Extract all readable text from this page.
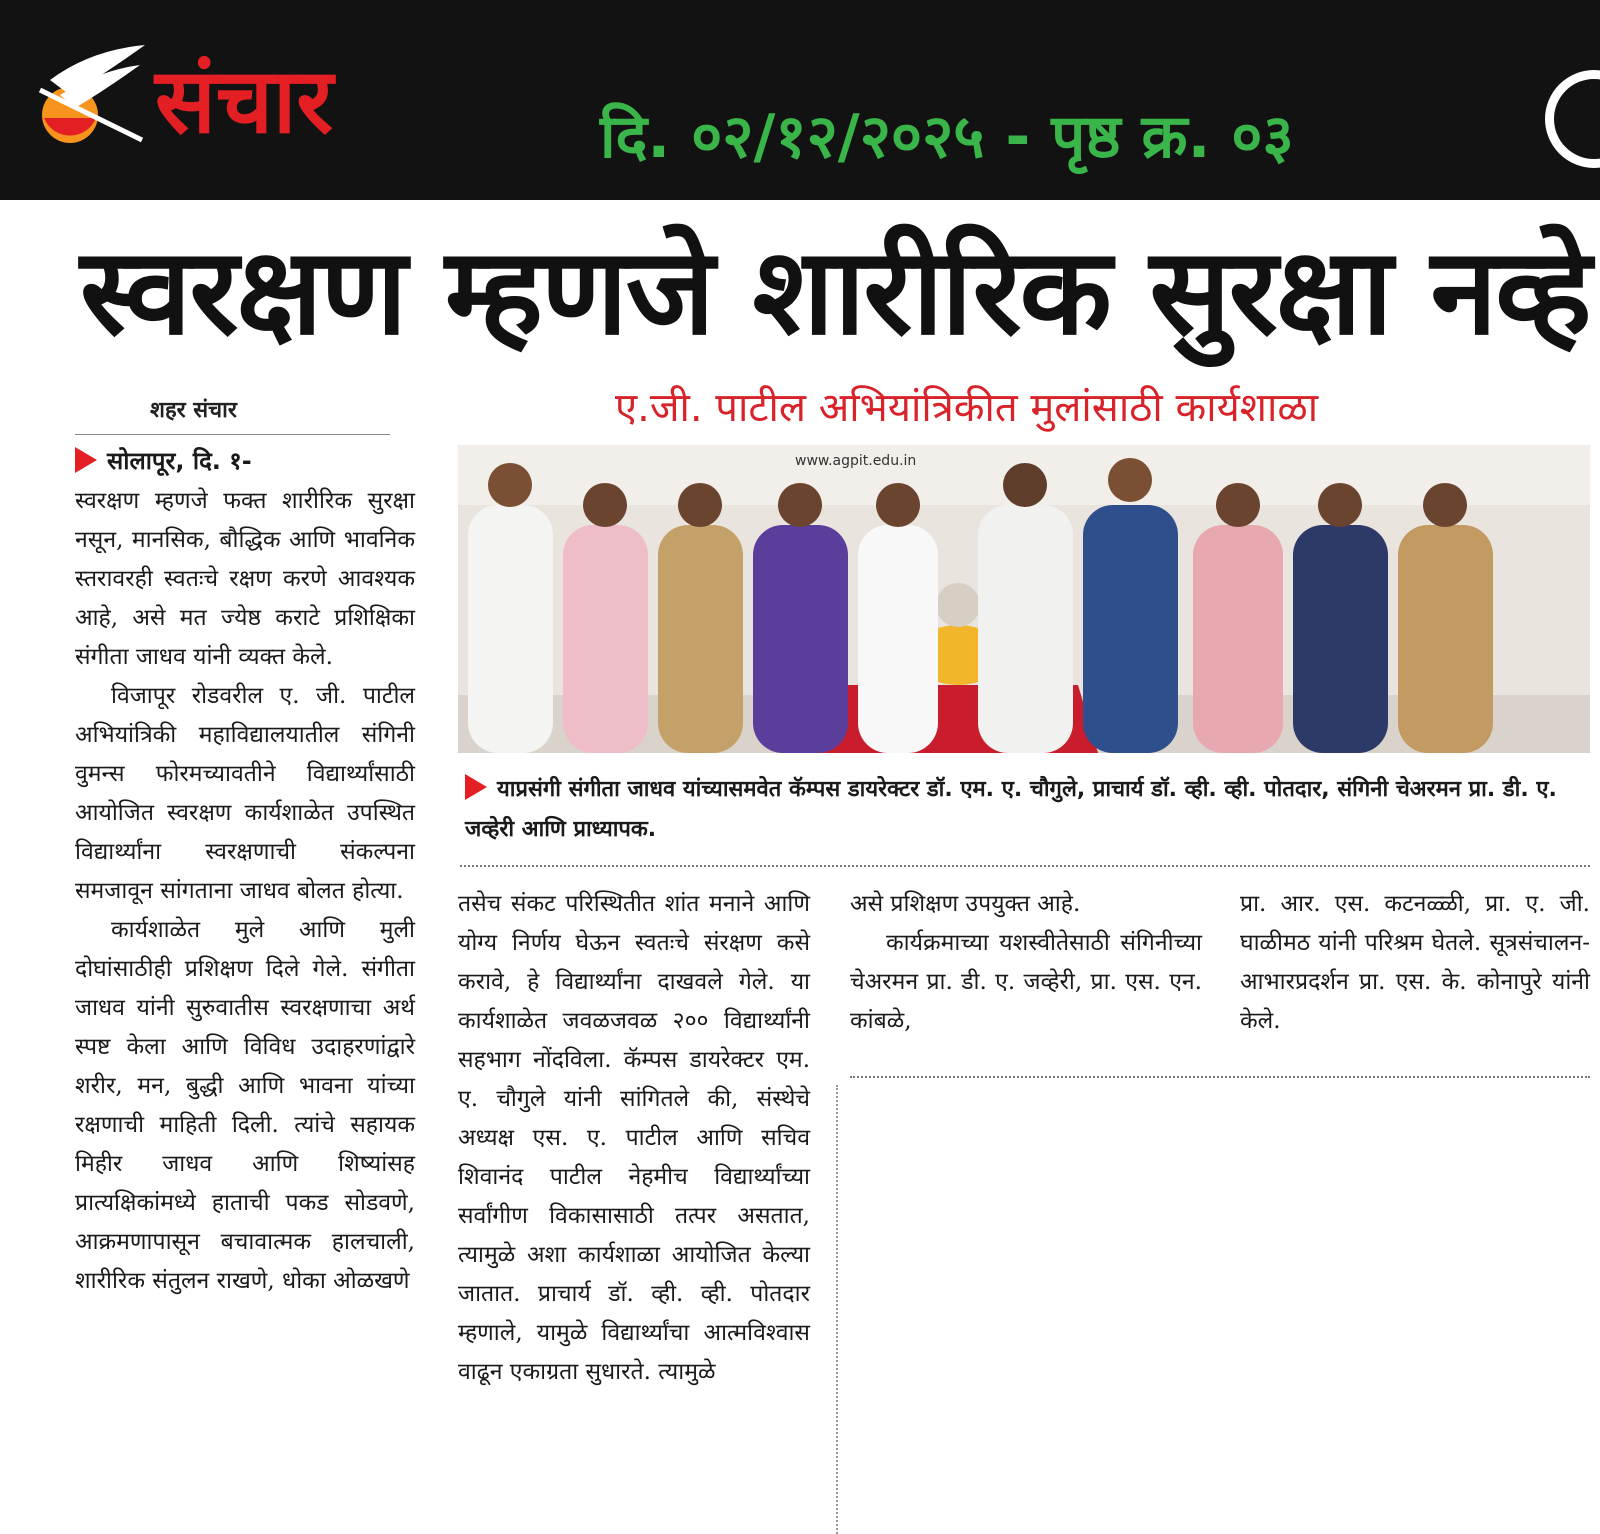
संचार	दि. ०२/१२/२०२५ - पृष्ठ क्र. ०३
स्वरक्षण म्हणजे शारीरिक सुरक्षा नव्हे
शहर संचार	ए.जी. पाटील अभियांत्रिकीत मुलांसाठी कार्यशाळा

सोलापूर, दि. १-

स्वरक्षण म्हणजे फक्त शारीरिक सुरक्षा नसून, मानसिक, बौद्धिक आणि भावनिक स्तरावरही स्वतःचे रक्षण करणे आवश्यक आहे, असे मत ज्येष्ठ कराटे प्रशिक्षिका संगीता जाधव यांनी व्यक्त केले.

विजापूर रोडवरील ए. जी. पाटील अभियांत्रिकी महाविद्यालयातील संगिनी वुमन्स फोरमच्यावतीने विद्यार्थ्यांसाठी आयोजित स्वरक्षण कार्यशाळेत उपस्थित विद्यार्थ्यांना स्वरक्षणाची संकल्पना समजावून सांगताना जाधव बोलत होत्या.

कार्यशाळेत मुले आणि मुली दोघांसाठीही प्रशिक्षण दिले गेले. संगीता जाधव यांनी सुरुवातीस स्वरक्षणाचा अर्थ स्पष्ट केला आणि विविध उदाहरणांद्वारे शरीर, मन, बुद्धी आणि भावना यांच्या रक्षणाची माहिती दिली. त्यांचे सहायक मिहीर जाधव आणि शिष्यांसह प्रात्यक्षिकांमध्ये हाताची पकड सोडवणे, आक्रमणापासून बचावात्मक हालचाली, शारीरिक संतुलन राखणे, धोका ओळखणे

www.agpit.edu.in
याप्रसंगी संगीता जाधव यांच्यासमवेत कॅम्पस डायरेक्टर डॉ. एम. ए. चौगुले, प्राचार्य डॉ. व्ही. व्ही. पोतदार, संगिनी चेअरमन प्रा. डी. ए. जव्हेरी आणि प्राध्यापक.

तसेच संकट परिस्थितीत शांत मनाने आणि योग्य निर्णय घेऊन स्वतःचे संरक्षण कसे करावे, हे विद्यार्थ्यांना दाखवले गेले. या कार्यशाळेत जवळजवळ २०० विद्यार्थ्यांनी सहभाग नोंदविला. कॅम्पस डायरेक्टर एम. ए. चौगुले यांनी सांगितले की, संस्थेचे अध्यक्ष एस. ए. पाटील आणि सचिव शिवानंद पाटील नेहमीच विद्यार्थ्यांच्या सर्वांगीण विकासासाठी तत्पर असतात, त्यामुळे अशा कार्यशाळा आयोजित केल्या जातात. प्राचार्य डॉ. व्ही. व्ही. पोतदार म्हणाले, यामुळे विद्यार्थ्यांचा आत्मविश्वास वाढून एकाग्रता सुधारते. त्यामुळे

असे प्रशिक्षण उपयुक्त आहे.

कार्यक्रमाच्या यशस्वीतेसाठी संगिनीच्या चेअरमन प्रा. डी. ए. जव्हेरी, प्रा. एस. एन. कांबळे,

प्रा. आर. एस. कटनळ्ळी, प्रा. ए. जी. घाळीमठ यांनी परिश्रम घेतले. सूत्रसंचालन- आभारप्रदर्शन प्रा. एस. के. कोनापुरे यांनी केले.
